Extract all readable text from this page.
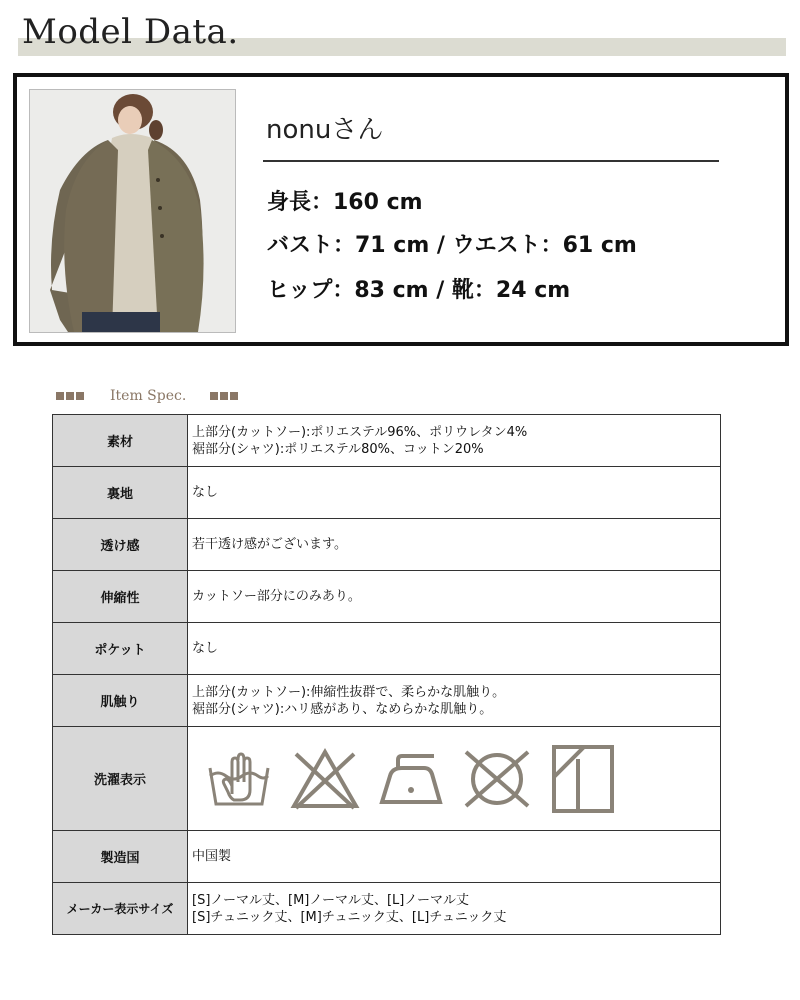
Model Data.
nonuさん
身長：160 cm
バスト：71 cm / ウエスト：61 cm
ヒップ：83 cm / 靴：24 cm
Item Spec.
素材	上部分(カットソー):ポリエステル96%、ポリウレタン4%
裾部分(シャツ):ポリエステル80%、コットン20%

裏地	なし

透け感	若干透け感がございます。

伸縮性	カットソー部分にのみあり。

ポケット	なし

肌触り	上部分(カットソー):伸縮性抜群で、柔らかな肌触り。
裾部分(シャツ):ハリ感があり、なめらかな肌触り。

洗濯表示	

製造国	中国製

メーカー表示サイズ	[S]ノーマル丈、[M]ノーマル丈、[L]ノーマル丈
[S]チュニック丈、[M]チュニック丈、[L]チュニック丈
